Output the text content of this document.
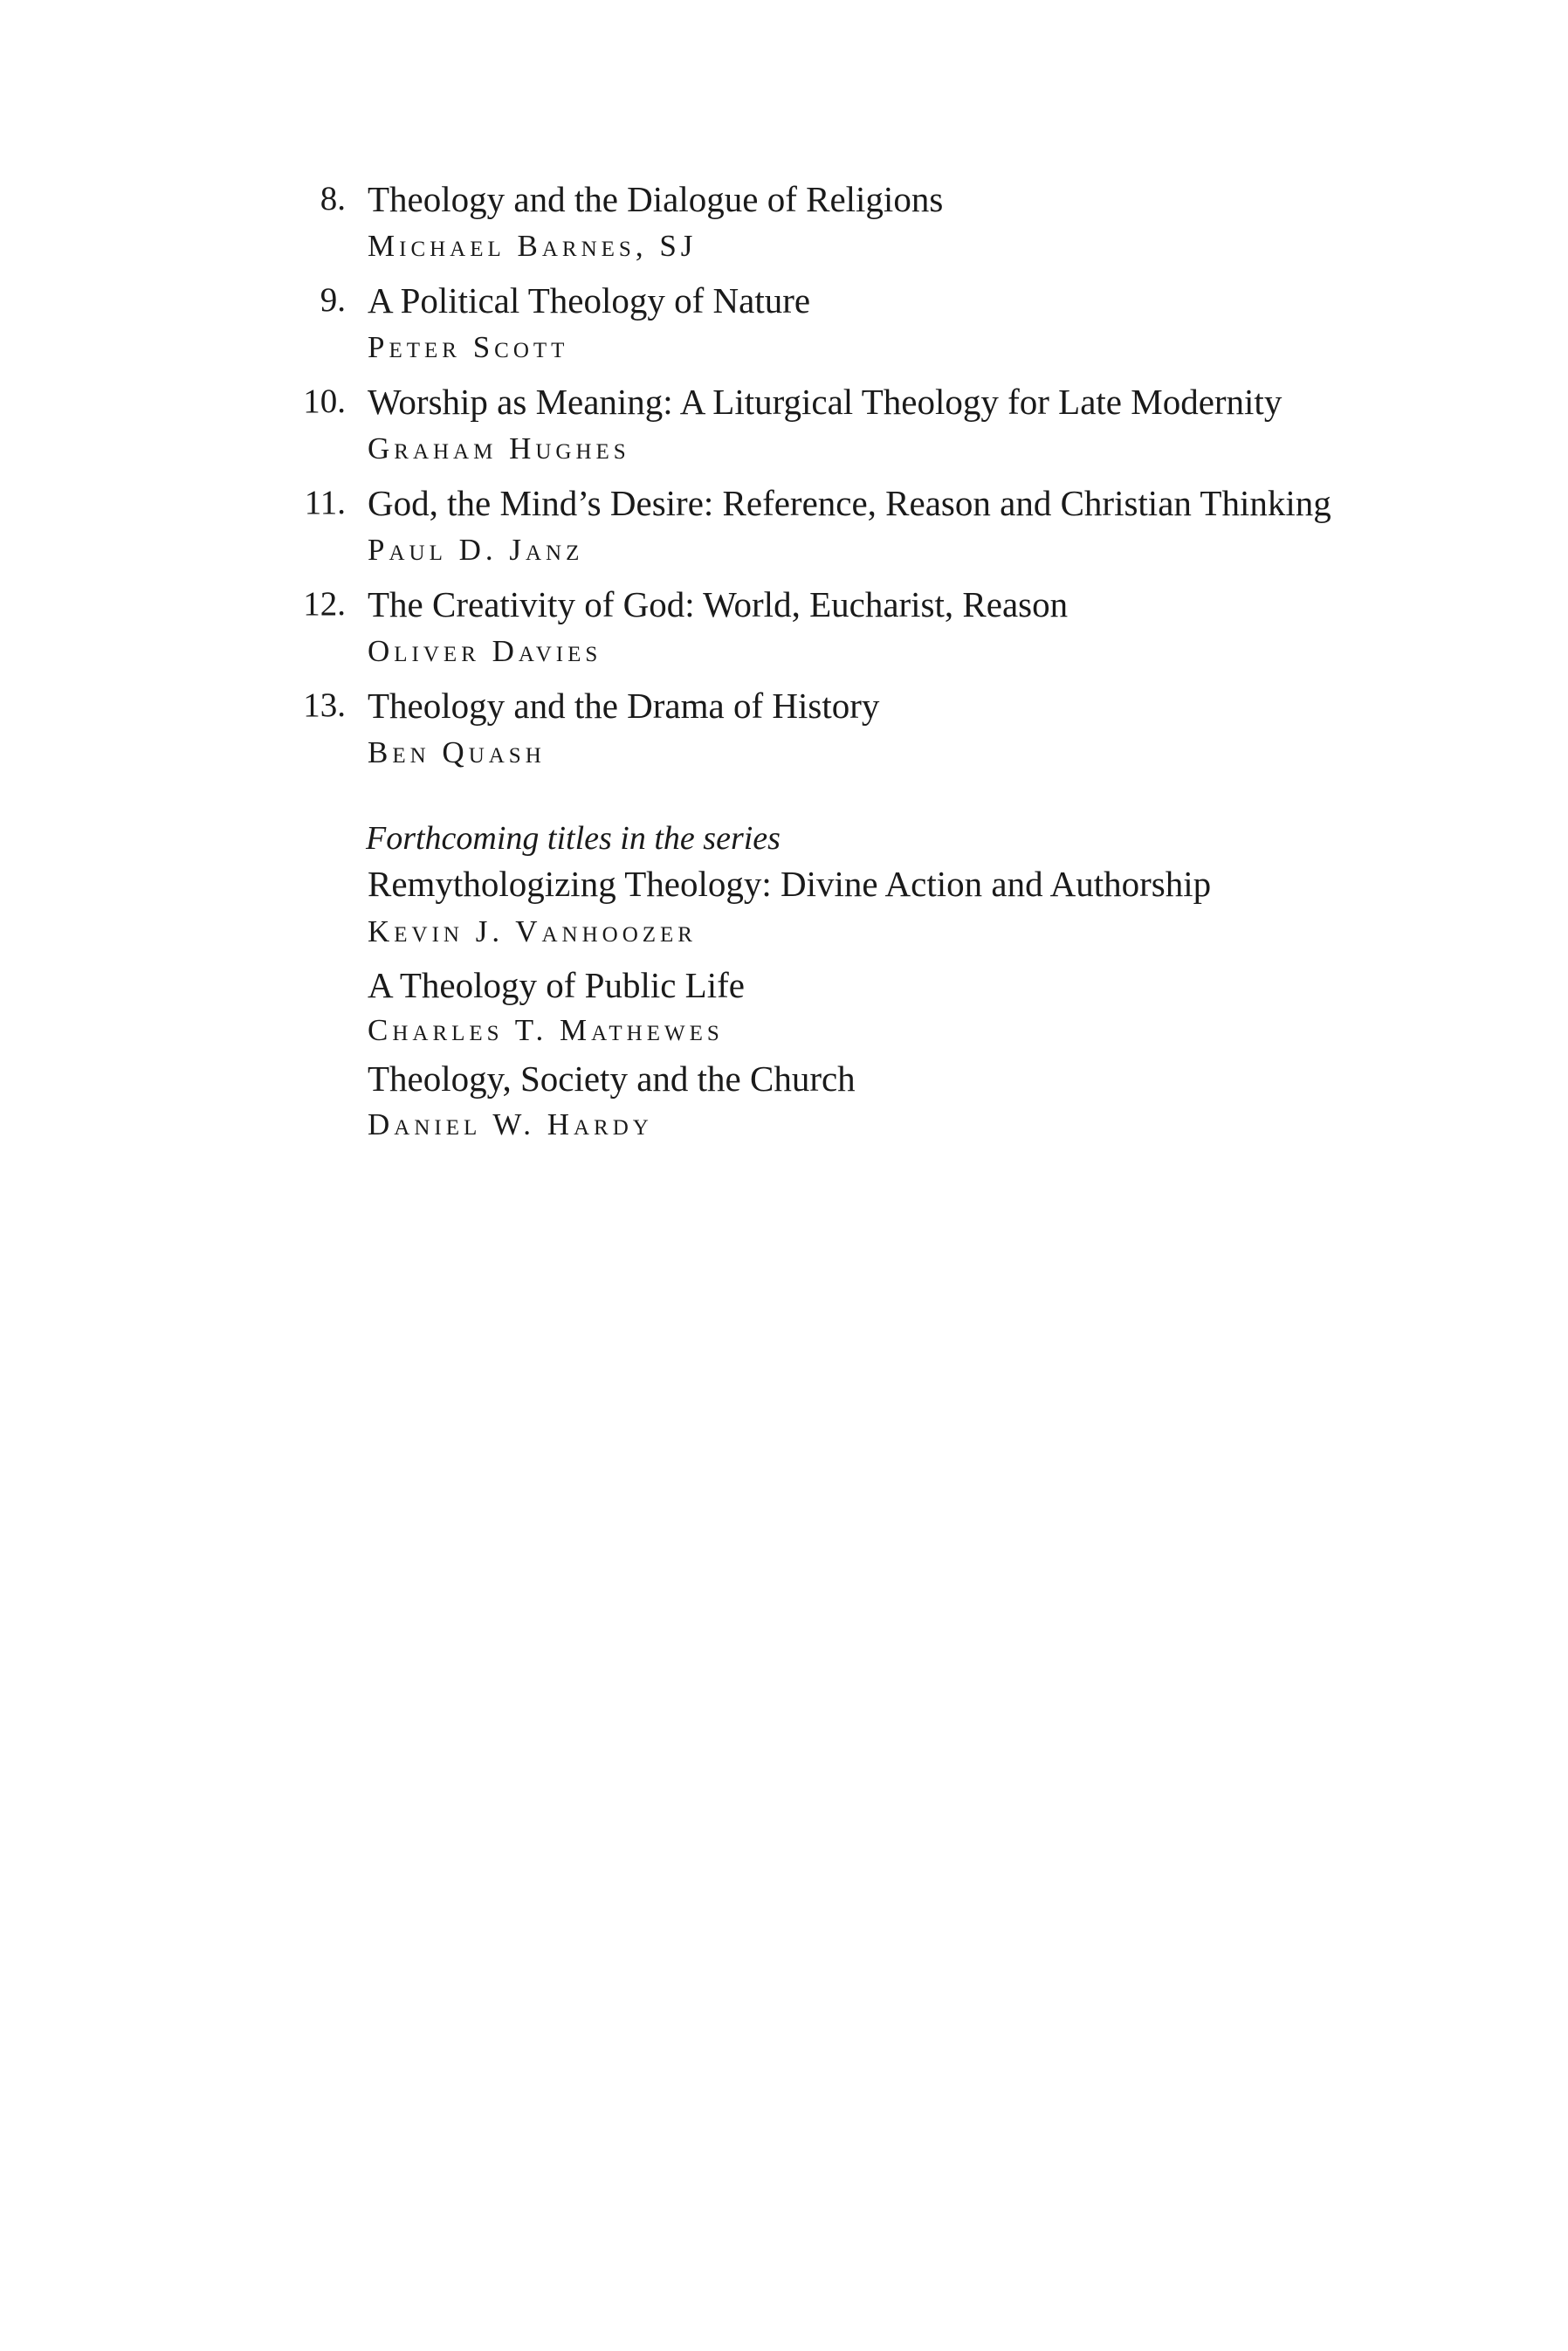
8. Theology and the Dialogue of Religions
Michael Barnes, SJ
9. A Political Theology of Nature
Peter Scott
10. Worship as Meaning: A Liturgical Theology for Late Modernity
Graham Hughes
11. God, the Mind’s Desire: Reference, Reason and Christian Thinking
Paul D. Janz
12. The Creativity of God: World, Eucharist, Reason
Oliver Davies
13. Theology and the Drama of History
Ben Quash
Forthcoming titles in the series
Remythologizing Theology: Divine Action and Authorship
Kevin J. Vanhoozer
A Theology of Public Life
Charles T. Mathewes
Theology, Society and the Church
Daniel W. Hardy
